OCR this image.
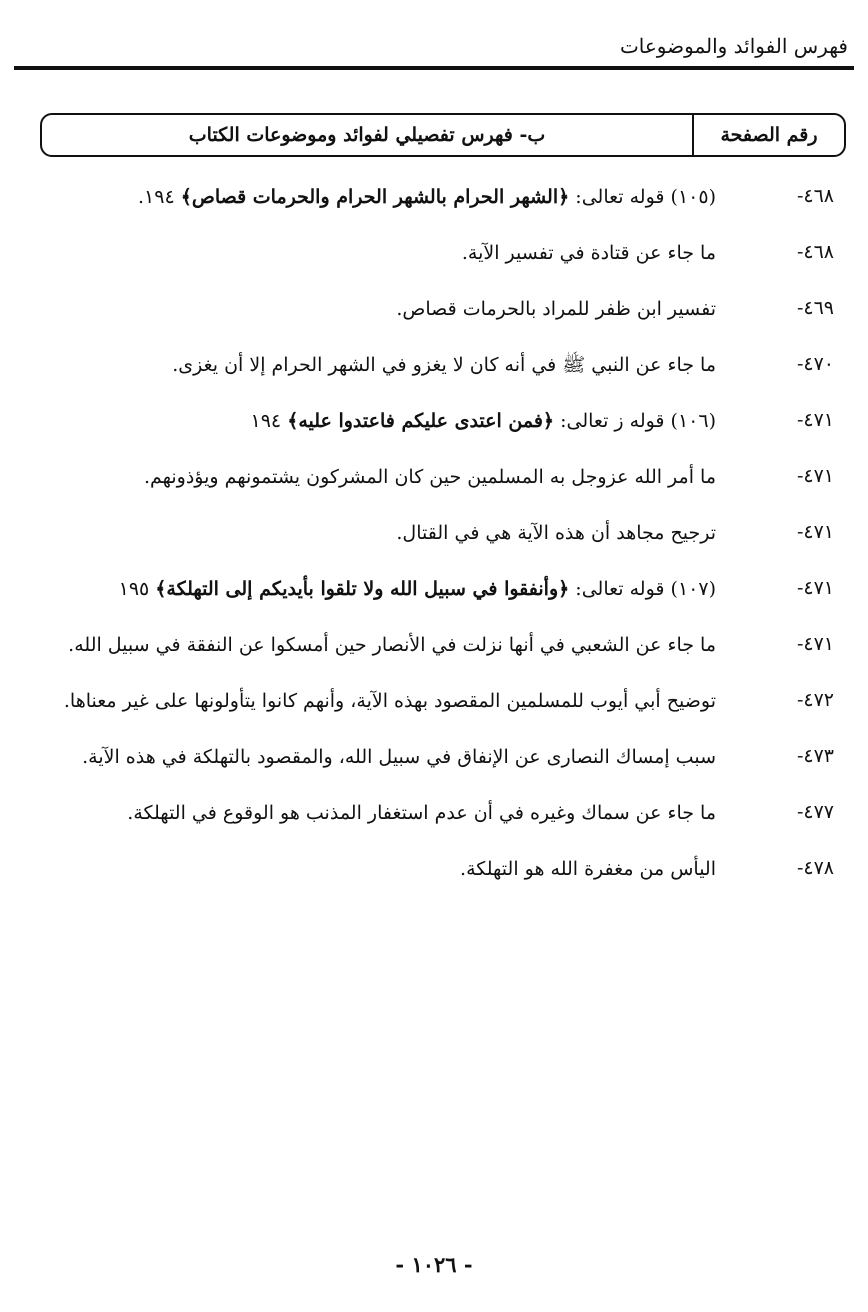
فهرس الفوائد والموضوعات
رقم الصفحة
ب- فهرس تفصيلي لفوائد وموضوعات الكتاب
٤٦٨-
(١٠٥) قوله تعالى: ﴿الشهر الحرام بالشهر الحرام والحرمات قصاص﴾ ١٩٤.
٤٦٨-
ما جاء عن قتادة في تفسير الآية.
٤٦٩-
تفسير ابن ظفر للمراد بالحرمات قصاص.
٤٧٠-
ما جاء عن النبي ﷺ في أنه كان لا يغزو في الشهر الحرام إلا أن يغزى.
٤٧١-
(١٠٦) قوله ز تعالى: ﴿فمن اعتدى عليكم فاعتدوا عليه﴾ ١٩٤
٤٧١-
ما أمر الله عزوجل به المسلمين حين كان المشركون يشتمونهم ويؤذونهم.
٤٧١-
ترجيح مجاهد أن هذه الآية هي في القتال.
٤٧١-
(١٠٧) قوله تعالى: ﴿وأنفقوا في سبيل الله ولا تلقوا بأيديكم إلى التهلكة﴾ ١٩٥
٤٧١-
ما جاء عن الشعبي في أنها نزلت في الأنصار حين أمسكوا عن النفقة في سبيل الله.
٤٧٢-
توضيح أبي أيوب للمسلمين المقصود بهذه الآية، وأنهم كانوا يتأولونها على غير معناها.
٤٧٣-
سبب إمساك النصارى عن الإنفاق في سبيل الله، والمقصود بالتهلكة في هذه الآية.
٤٧٧-
ما جاء عن سماك وغيره في أن عدم استغفار المذنب هو الوقوع في التهلكة.
٤٧٨-
اليأس من مغفرة الله هو التهلكة.
- ١٠٢٦ -
